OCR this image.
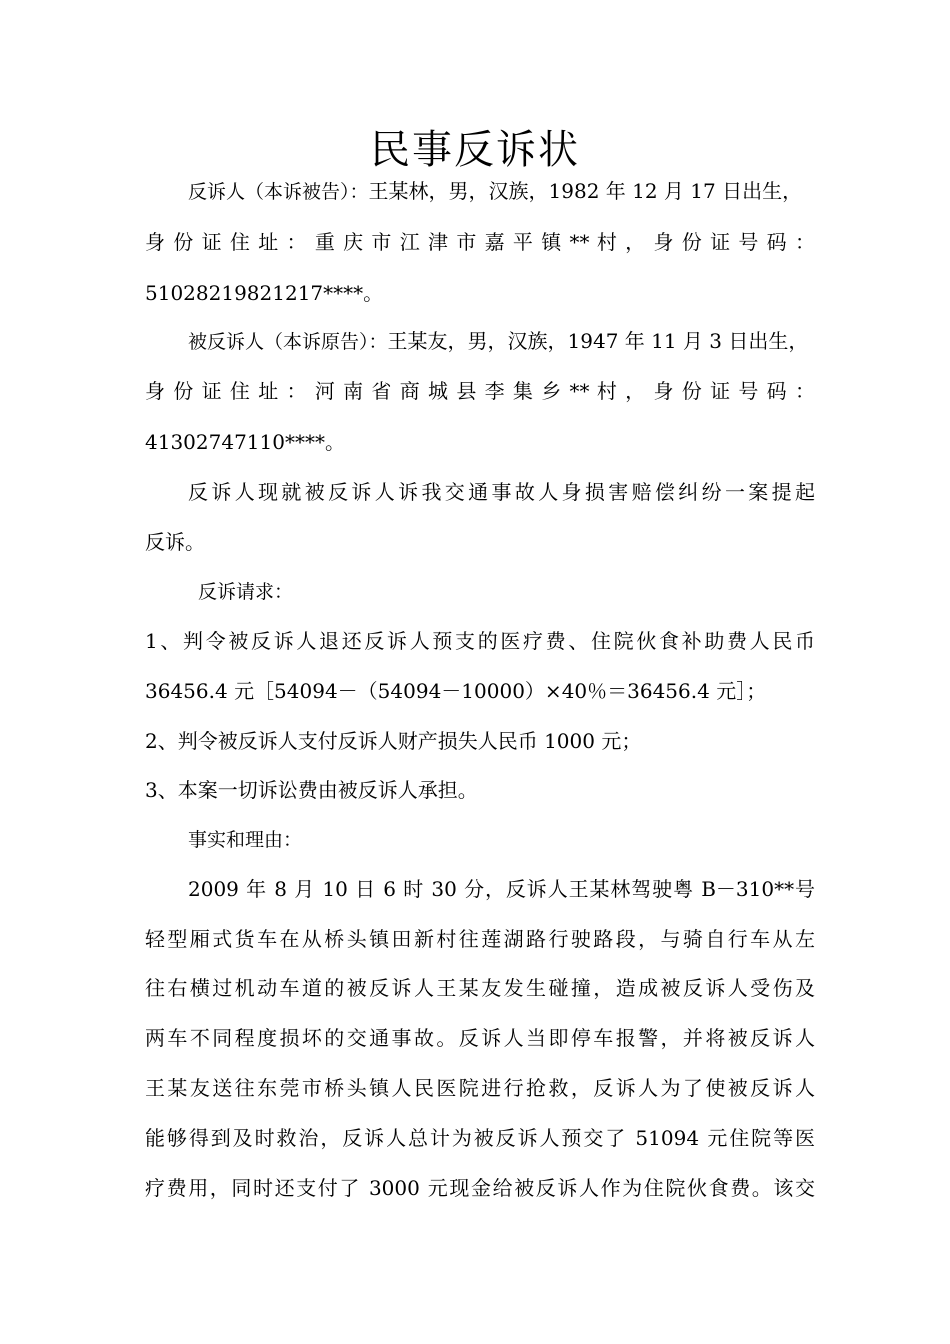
民事反诉状
反诉人（本诉被告）：王某林，男，汉族，1982 年 12 月 17 日出生，
身 份 证 住 址 ： 重 庆 市 江 津 市 嘉 平 镇 ** 村 ， 身 份 证 号 码 ：
51028219821217****。
被反诉人（本诉原告）：王某友，男，汉族，1947 年 11 月 3 日出生，
身 份 证 住 址 ： 河 南 省 商 城 县 李 集 乡 ** 村 ， 身 份 证 号 码 ：
41302747110****。
反诉人现就被反诉人诉我交通事故人身损害赔偿纠纷一案提起
反诉。
反诉请求：
1、判令被反诉人退还反诉人预支的医疗费、住院伙食补助费人民币
36456.4 元［54094－（54094－10000）×40％＝36456.4 元］；
2、判令被反诉人支付反诉人财产损失人民币 1000 元；
3、本案一切诉讼费由被反诉人承担。
事实和理由：
2009 年 8 月 10 日 6 时 30 分，反诉人王某林驾驶粤 B－310**号
轻型厢式货车在从桥头镇田新村往莲湖路行驶路段，与骑自行车从左
往右横过机动车道的被反诉人王某友发生碰撞，造成被反诉人受伤及
两车不同程度损坏的交通事故。反诉人当即停车报警，并将被反诉人
王某友送往东莞市桥头镇人民医院进行抢救，反诉人为了使被反诉人
能够得到及时救治，反诉人总计为被反诉人预交了 51094 元住院等医
疗费用，同时还支付了 3000 元现金给被反诉人作为住院伙食费。该交
